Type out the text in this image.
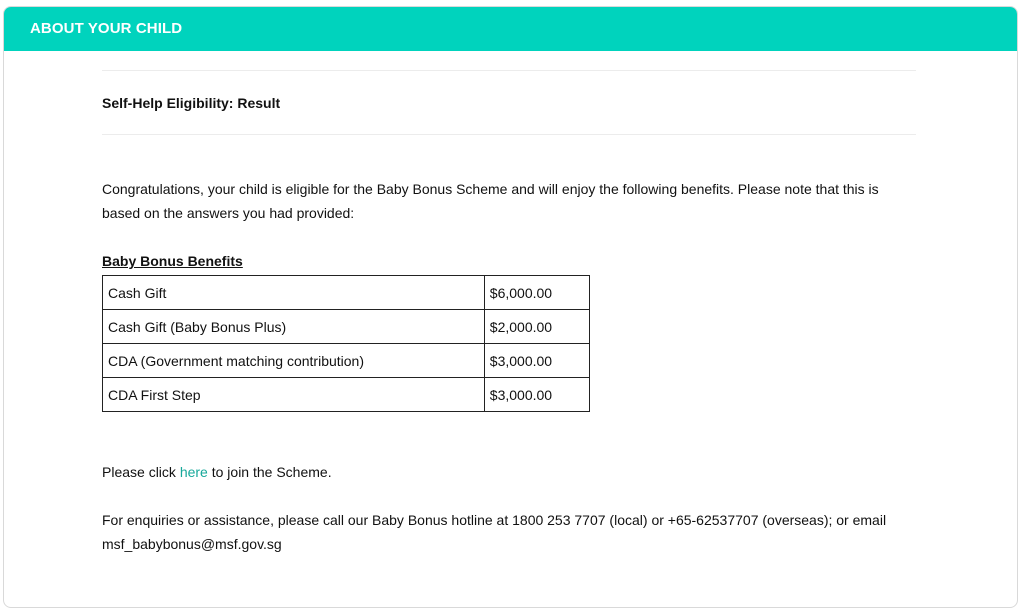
ABOUT YOUR CHILD
Self-Help Eligibility: Result
Congratulations, your child is eligible for the Baby Bonus Scheme and will enjoy the following benefits. Please note that this is based on the answers you had provided:
Baby Bonus Benefits
Cash Gift	$6,000.00
Cash Gift (Baby Bonus Plus)	$2,000.00
CDA (Government matching contribution)	$3,000.00
CDA First Step	$3,000.00
Please click here to join the Scheme.
For enquiries or assistance, please call our Baby Bonus hotline at 1800 253 7707 (local) or +65-62537707 (overseas); or email msf_babybonus@msf.gov.sg
